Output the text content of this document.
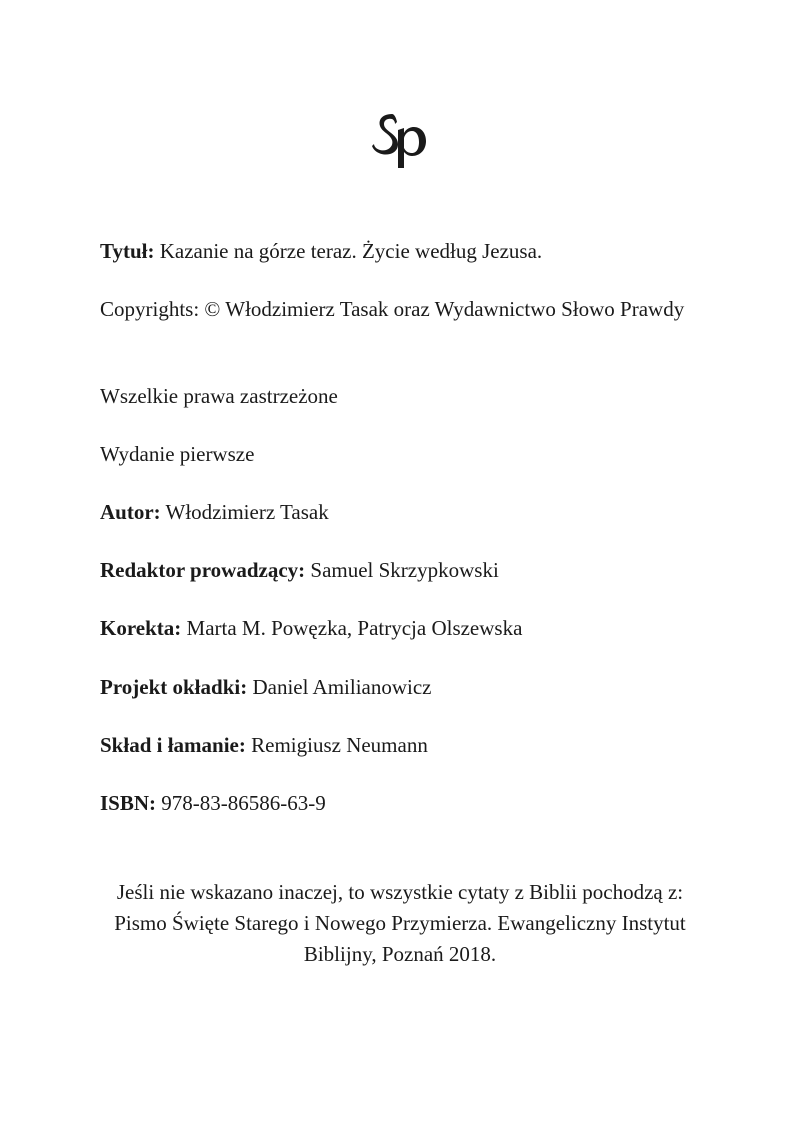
Tytuł: Kazanie na górze teraz. Życie według Jezusa.

Copyrights: © Włodzimierz Tasak oraz Wydawnictwo Słowo Prawdy

Wszelkie prawa zastrzeżone

Wydanie pierwsze

Autor: Włodzimierz Tasak

Redaktor prowadzący: Samuel Skrzypkowski

Korekta: Marta M. Powęzka, Patrycja Olszewska

Projekt okładki: Daniel Amilianowicz

Skład i łamanie: Remigiusz Neumann

ISBN: 978-83-86586-63-9

Jeśli nie wskazano inaczej, to wszystkie cytaty z Biblii pochodzą z:
Pismo Święte Starego i Nowego Przymierza. Ewangeliczny Instytut
Biblijny, Poznań 2018.
